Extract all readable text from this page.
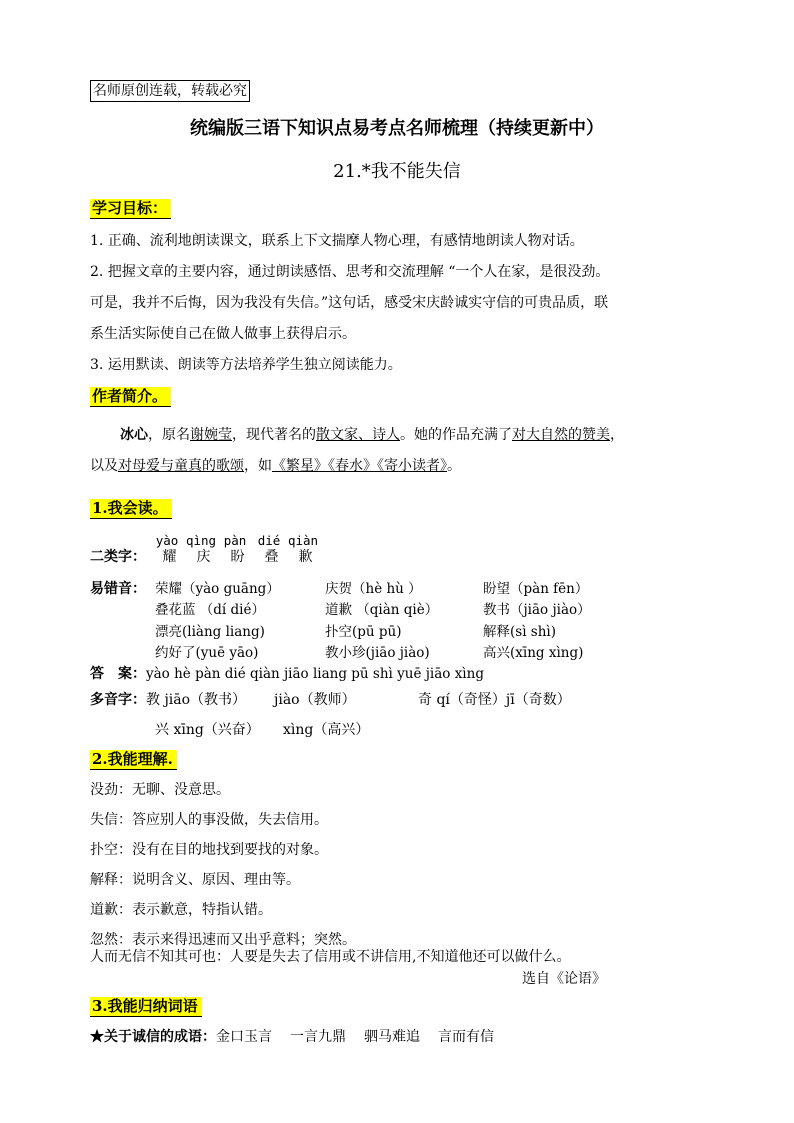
名师原创连载，转载必究
统编版三语下知识点易考点名师梳理（持续更新中）
21.*我不能失信
学习目标：
1. 正确、流利地朗读课文，联系上下文揣摩人物心理，有感情地朗读人物对话。
2. 把握文章的主要内容，通过朗读感悟、思考和交流理解 “一个人在家，是很没劲。
可是，我并不后悔，因为我没有失信。”这句话，感受宋庆龄诚实守信的可贵品质，联
系生活实际使自己在做人做事上获得启示。
3. 运用默读、朗读等方法培养学生独立阅读能力。
作者简介。
冰心，原名谢婉莹，现代著名的散文家、诗人。她的作品充满了对大自然的赞美，
以及对母爱与童真的歌颂，如《繁星》《春水》《寄小读者》。
1.我会读。
yào qìng pàn dié qiàn
二类字： 耀 庆 盼 叠 歉
易错音： 荣耀（yào guāng）	庆贺（hè hù ）	盼望（pàn fēn）
叠花蓝 （dí dié）	道歉 （qiàn qiè）	教书（jiāo jiào）
漂亮(liàng liang)	扑空(pū pū)	解释(sì shì)
约好了(yuē yāo)	教小珍(jiāo jiào)	高兴(xīng xìng)
答　案：yào hè pàn dié qiàn jiāo liang pū shì yuē jiāo xìng
多音字：教 jiāo（教书） jiào（教师）	奇 qí（奇怪）jī（奇数）
兴 xīng（兴奋） xìng（高兴）
2.我能理解.
没劲：无聊、没意思。
失信：答应别人的事没做，失去信用。
扑空：没有在目的地找到要找的对象。
解释：说明含义、原因、理由等。
道歉：表示歉意，特指认错。
忽然：表示来得迅速而又出乎意料；突然。
人而无信不知其可也：人要是失去了信用或不讲信用,不知道他还可以做什么。
选自《论语》
3.我能归纳词语
★关于诚信的成语：金口玉言 一言九鼎 驷马难追 言而有信
